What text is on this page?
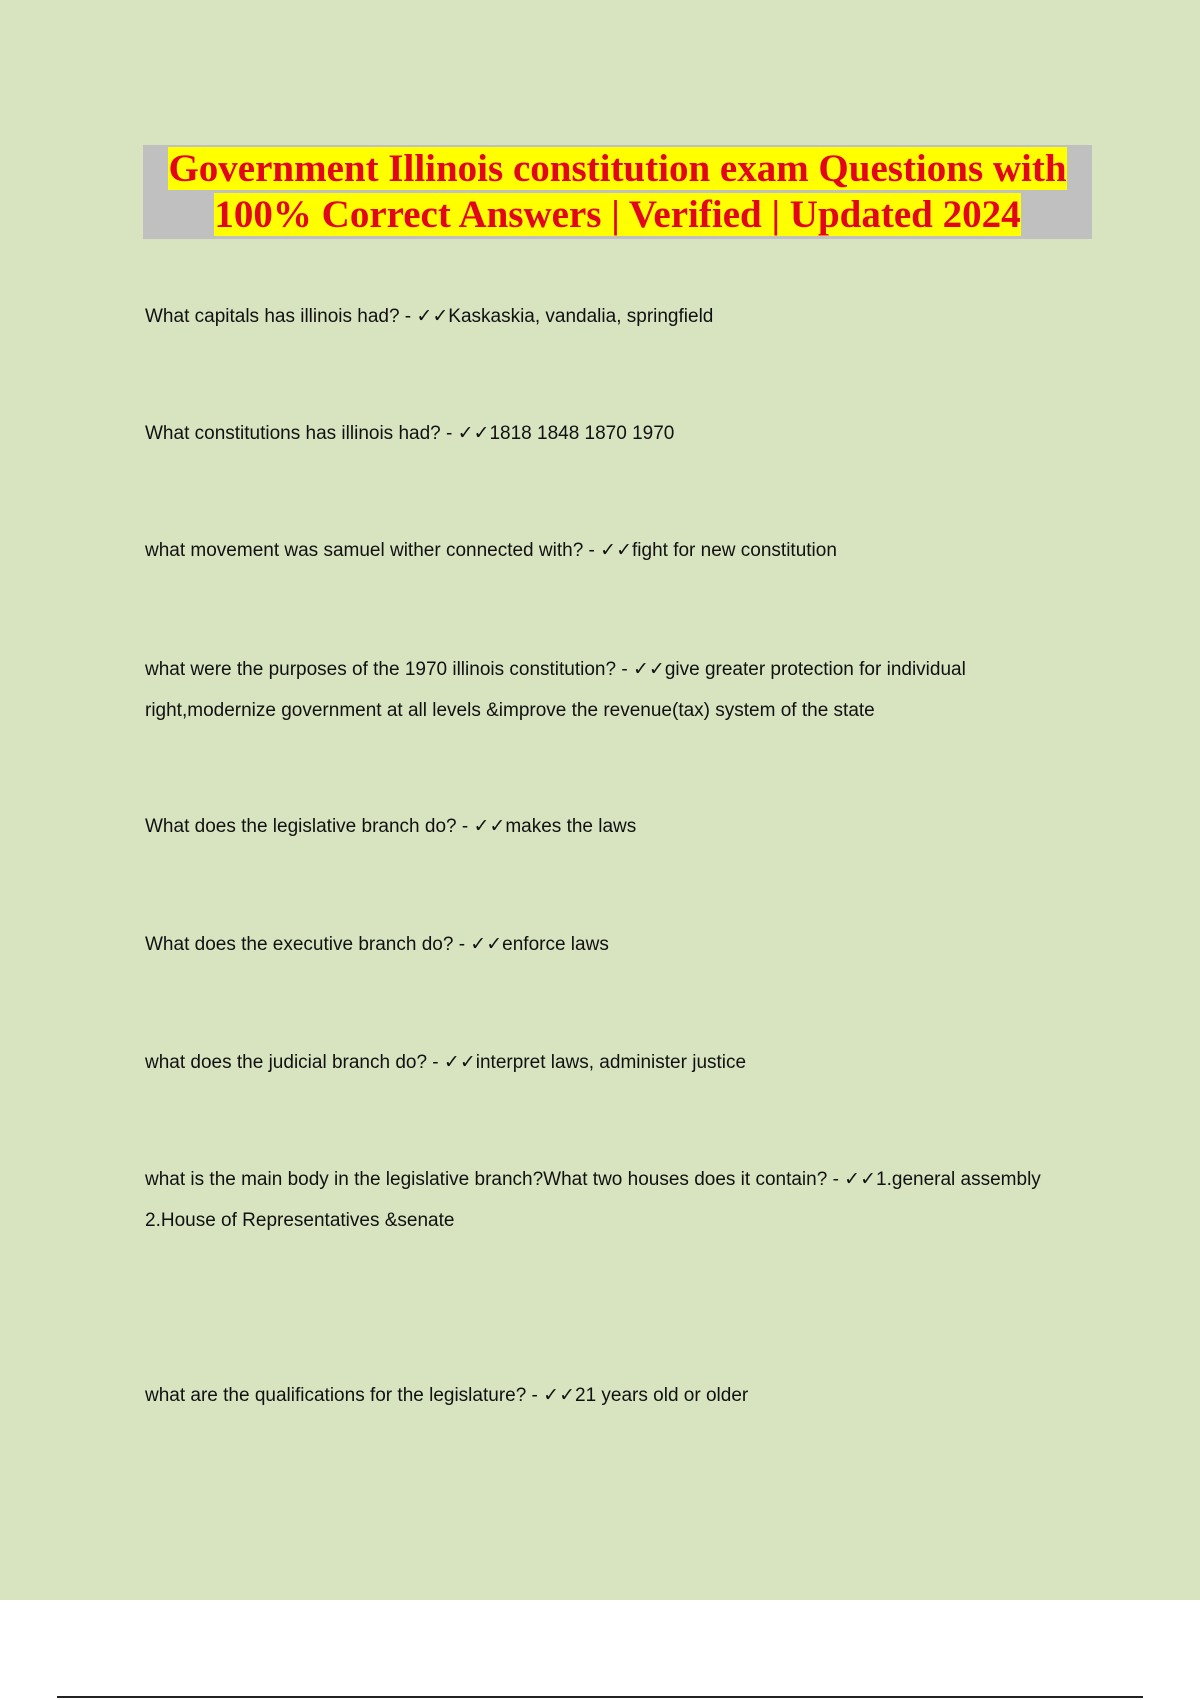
Government Illinois constitution exam Questions with
100% Correct Answers | Verified | Updated 2024

What capitals has illinois had? - ✓✓Kaskaskia, vandalia, springfield

What constitutions has illinois had? - ✓✓1818 1848 1870 1970

what movement was samuel wither connected with? - ✓✓fight for new constitution

what were the purposes of the 1970 illinois constitution? - ✓✓give greater protection for individual right,modernize government at all levels &improve the revenue(tax) system of the state

What does the legislative branch do? - ✓✓makes the laws

What does the executive branch do? - ✓✓enforce laws

what does the judicial branch do? - ✓✓interpret laws, administer justice

what is the main body in the legislative branch?What two houses does it contain? - ✓✓1.general assembly
2.House of Representatives &senate

what are the qualifications for the legislature? - ✓✓21 years old or older
